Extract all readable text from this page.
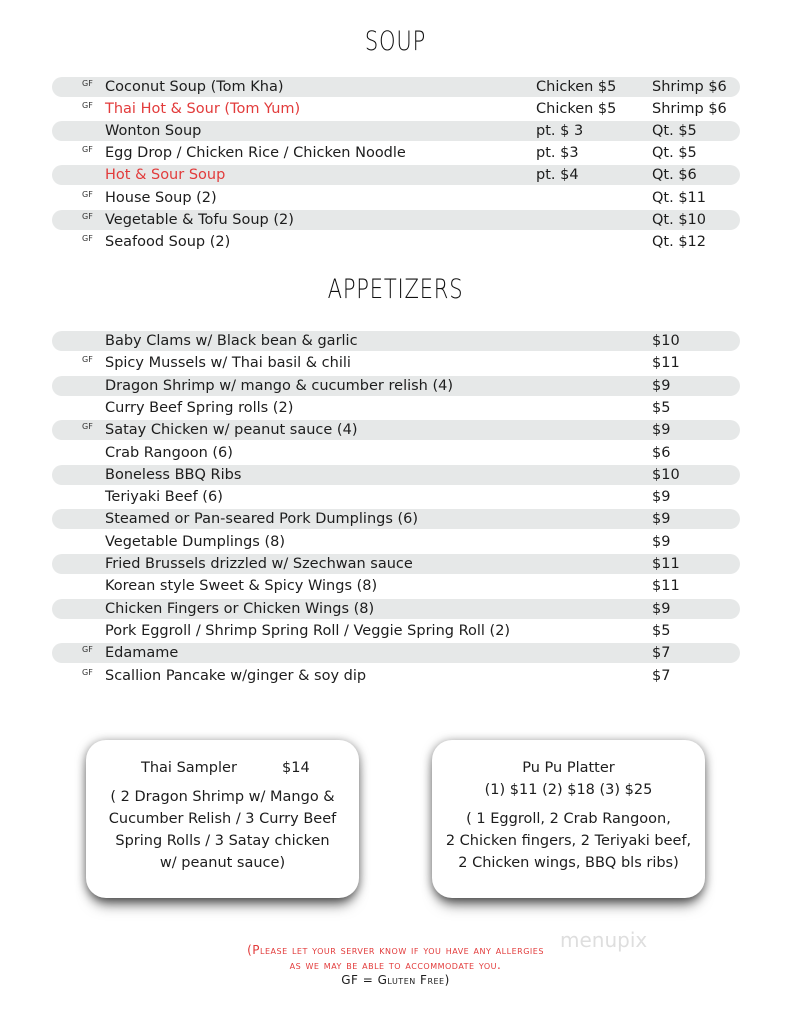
SOUP
GF Coconut Soup (Tom Kha)	Chicken $5 Shrimp $6
GF Thai Hot & Sour (Tom Yum)	Chicken $5 Shrimp $6
Wonton Soup	pt. $ 3	Qt. $5
GF Egg Drop / Chicken Rice / Chicken Noodle	pt. $3	Qt. $5
Hot & Sour Soup	pt. $4	Qt. $6
GF House Soup (2)	Qt. $11
GF Vegetable & Tofu Soup (2)	Qt. $10
GF Seafood Soup (2)	Qt. $12
APPETIZERS
Baby Clams w/ Black bean & garlic	$10
GF Spicy Mussels w/ Thai basil & chili	$11
Dragon Shrimp w/ mango & cucumber relish (4)	$9
Curry Beef Spring rolls (2)	$5
GF Satay Chicken w/ peanut sauce (4)	$9
Crab Rangoon (6)	$6
Boneless BBQ Ribs	$10
Teriyaki Beef (6)	$9
Steamed or Pan-seared Pork Dumplings (6)	$9
Vegetable Dumplings (8)	$9
Fried Brussels drizzled w/ Szechwan sauce	$11
Korean style Sweet & Spicy Wings (8)	$11
Chicken Fingers or Chicken Wings (8)	$9
Pork Eggroll / Shrimp Spring Roll / Veggie Spring Roll (2)	$5
GF Edamame	$7
GF Scallion Pancake w/ginger & soy dip	$7
Thai Sampler	$14
( 2 Dragon Shrimp w/ Mango &
Cucumber Relish / 3 Curry Beef
Spring Rolls / 3 Satay chicken
w/ peanut sauce)
Pu Pu Platter
(1) $11 (2) $18 (3) $25
( 1 Eggroll, 2 Crab Rangoon,
2 Chicken fingers, 2 Teriyaki beef,
2 Chicken wings, BBQ bls ribs)
menupix
(Please let your server know if you have any allergies
as we may be able to accommodate you.
GF = Gluten Free)
